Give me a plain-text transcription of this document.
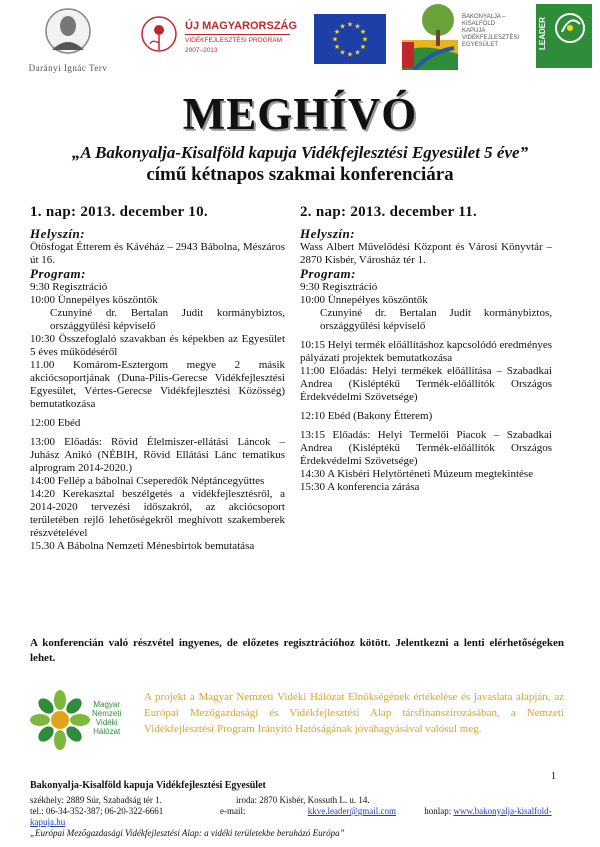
Darányi Ignác Terv
ÚJ MAGYARORSZÁG
VIDÉKFEJLESZTÉSI PROGRAM
2007–2013
★ ★
★
★
★
★
★
★
★
★
★
★
BAKONYALJA –
KISALFÖLD
KAPUJA
VIDÉKFEJLESZTÉSI
EGYESÜLET	LEADER
MEGHÍVÓ
„A Bakonyalja-Kisalföld kapuja Vidékfejlesztési Egyesület 5 éve”
című kétnapos szakmai konferenciára
1. nap: 2013. december 10.
Helyszín:

Ötösfogat Étterem és Kávéház – 2943 Bábolna, Mészáros út 16.

Program:

9:30 Regisztráció

10:00 Ünnepélyes köszöntők

Czunyiné dr. Bertalan Judit kormánybiztos, országgyűlési képviselő

10:30 Összefoglaló szavakban és képekben az Egyesület 5 éves működéséről

11.00 Komárom-Esztergom megye 2 másik akciócsoportjának (Duna-Pilis-Gerecse Vidékfejlesztési Egyesület, Vértes-Gerecse Vidékfejlesztési Közösség) bemutatkozása

12:00 Ebéd

13:00 Előadás: Rövid Élelmiszer-ellátási Láncok – Juhász Anikó (NÉBIH, Rövid Ellátási Lánc tematikus alprogram 2014-2020.)

14:00 Fellép a bábolnai Cseperedők Néptáncegyüttes

14:20 Kerekasztal beszélgetés a vidékfejlesztésről, a 2014-2020 tervezési időszakról, az akciócsoport területében rejlő lehetőségekről meghívott szakemberek részvételével

15.30 A Bábolna Nemzeti Ménesbirtok bemutatása

2. nap: 2013. december 11.
Helyszín:

Wass Albert Művelődési Központ és Városi Könyvtár – 2870 Kisbér, Városház tér 1.

Program:

9:30 Regisztráció

10:00 Ünnepélyes köszöntők

Czunyiné dr. Bertalan Judit kormánybiztos, országgyűlési képviselő

10:15 Helyi termék előállításhoz kapcsolódó eredményes pályázati projektek bemutatkozása

11:00 Előadás: Helyi termékek előállítása – Szabadkai Andrea (Kisléptékű Termék-előállítók Országos Érdekvédelmi Szövetsége)

12:10 Ebéd (Bakony Étterem)

13:15 Előadás: Helyi Termelői Piacok – Szabadkai Andrea (Kisléptékű Termék-előállítók Országos Érdekvédelmi Szövetsége)

14:30 A Kisbéri Helytörténeti Múzeum megtekintése

15:30 A konferencia zárása

A konferencián való részvétel ingyenes, de előzetes regisztrációhoz kötött. Jelentkezni a lenti elérhetőségeken lehet.
Magyar
Nemzeti
Vidéki
Hálózat
A projekt a Magyar Nemzeti Vidéki Hálózat Elnökségének értékelése és javaslata alapján, az Európai Mezőgazdasági és Vidékfejlesztési Alap társfinanszírozásában, a Nemzeti Vidékfejlesztési Program Irányító Hatóságának jóváhagyásával valósul meg.
1
Bakonyalja-Kisalföld kapuja Vidékfejlesztési Egyesület
székhely: 2889 Súr, Szabadság tér 1.	iroda: 2870 Kisbér, Kossuth L. u. 14.
tel.: 06-34-352-387; 06-20-322-6661	e-mail:	kkve.leader@gmail.com	honlap: www.bakonyalja-kisalfold-kapuja.hu
„Európai Mezőgazdasági Vidékfejlesztési Alap: a vidéki területekbe beruházó Európa”
